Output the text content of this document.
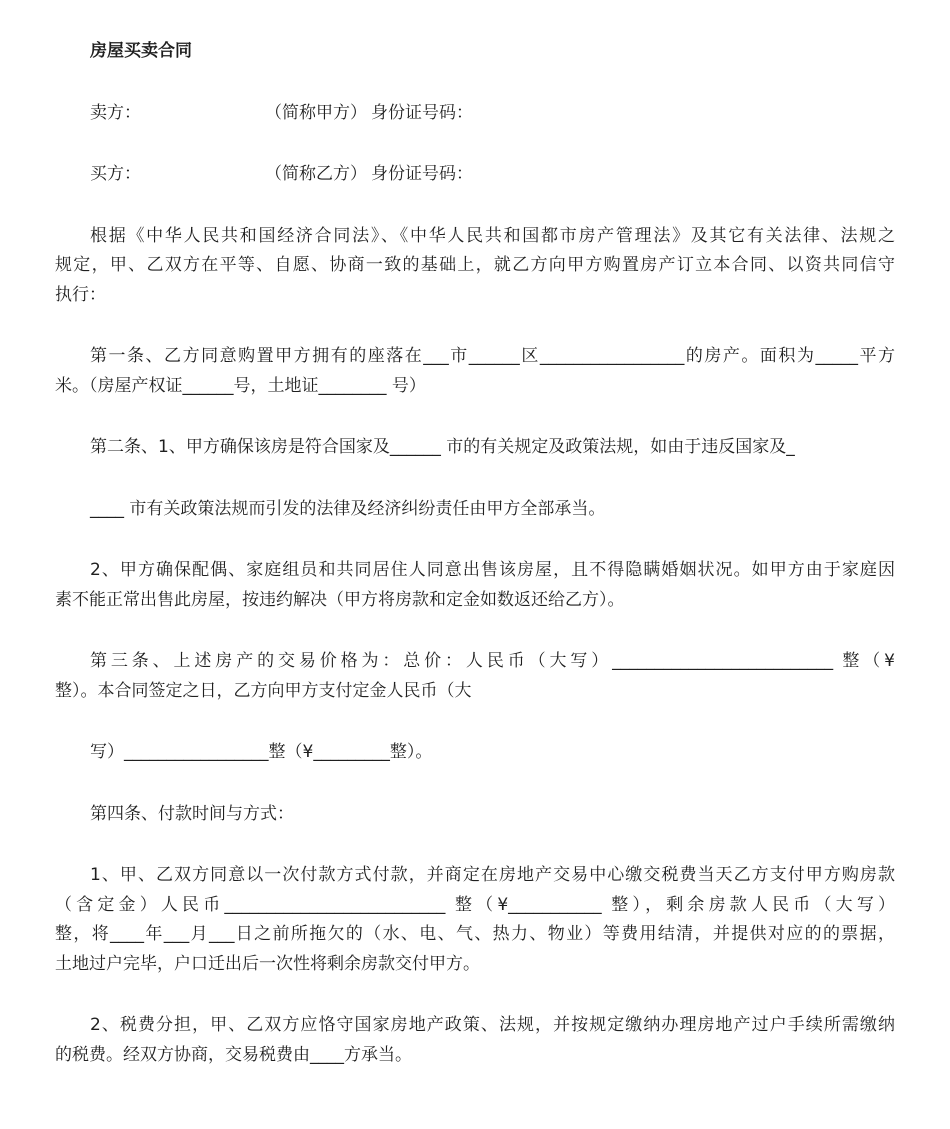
房屋买卖合同
卖方：	（简称甲方） 身份证号码：
买方：	（简称乙方） 身份证号码：
根据《中华人民共和国经济合同法》、《中华人民共和国都市房产管理法》及其它有关法律、法规之
规定，甲、乙双方在平等、自愿、协商一致的基础上，就乙方向甲方购置房产订立本合同、以资共同信守
执行：
第一条、乙方同意购置甲方拥有的座落在___市______区_________________的房产。面积为_____平方
米。（房屋产权证______号，土地证________ 号）
第二条、1、甲方确保该房是符合国家及______ 市的有关规定及政策法规，如由于违反国家及_
____ 市有关政策法规而引发的法律及经济纠纷责任由甲方全部承当。
2、甲方确保配偶、家庭组员和共同居住人同意出售该房屋，且不得隐瞒婚姻状况。如甲方由于家庭因
素不能正常出售此房屋，按违约解决（甲方将房款和定金如数返还给乙方）。
第三条、上述房产的交易价格为：总价：人民币（大写）__________________________ 整（¥
整）。本合同签定之日，乙方向甲方支付定金人民币（大
写）_________________整（¥_________整）。
第四条、付款时间与方式：
1、甲、乙双方同意以一次付款方式付款，并商定在房地产交易中心缴交税费当天乙方支付甲方购房款
（含定金）人民币__________________________ 整（¥___________ 整），剩余房款人民币（大写）
整，将____年___月___日之前所拖欠的（水、电、气、热力、物业）等费用结清，并提供对应的的票据，
土地过户完毕，户口迁出后一次性将剩余房款交付甲方。
2、税费分担，甲、乙双方应恪守国家房地产政策、法规，并按规定缴纳办理房地产过户手续所需缴纳
的税费。经双方协商，交易税费由____方承当。
